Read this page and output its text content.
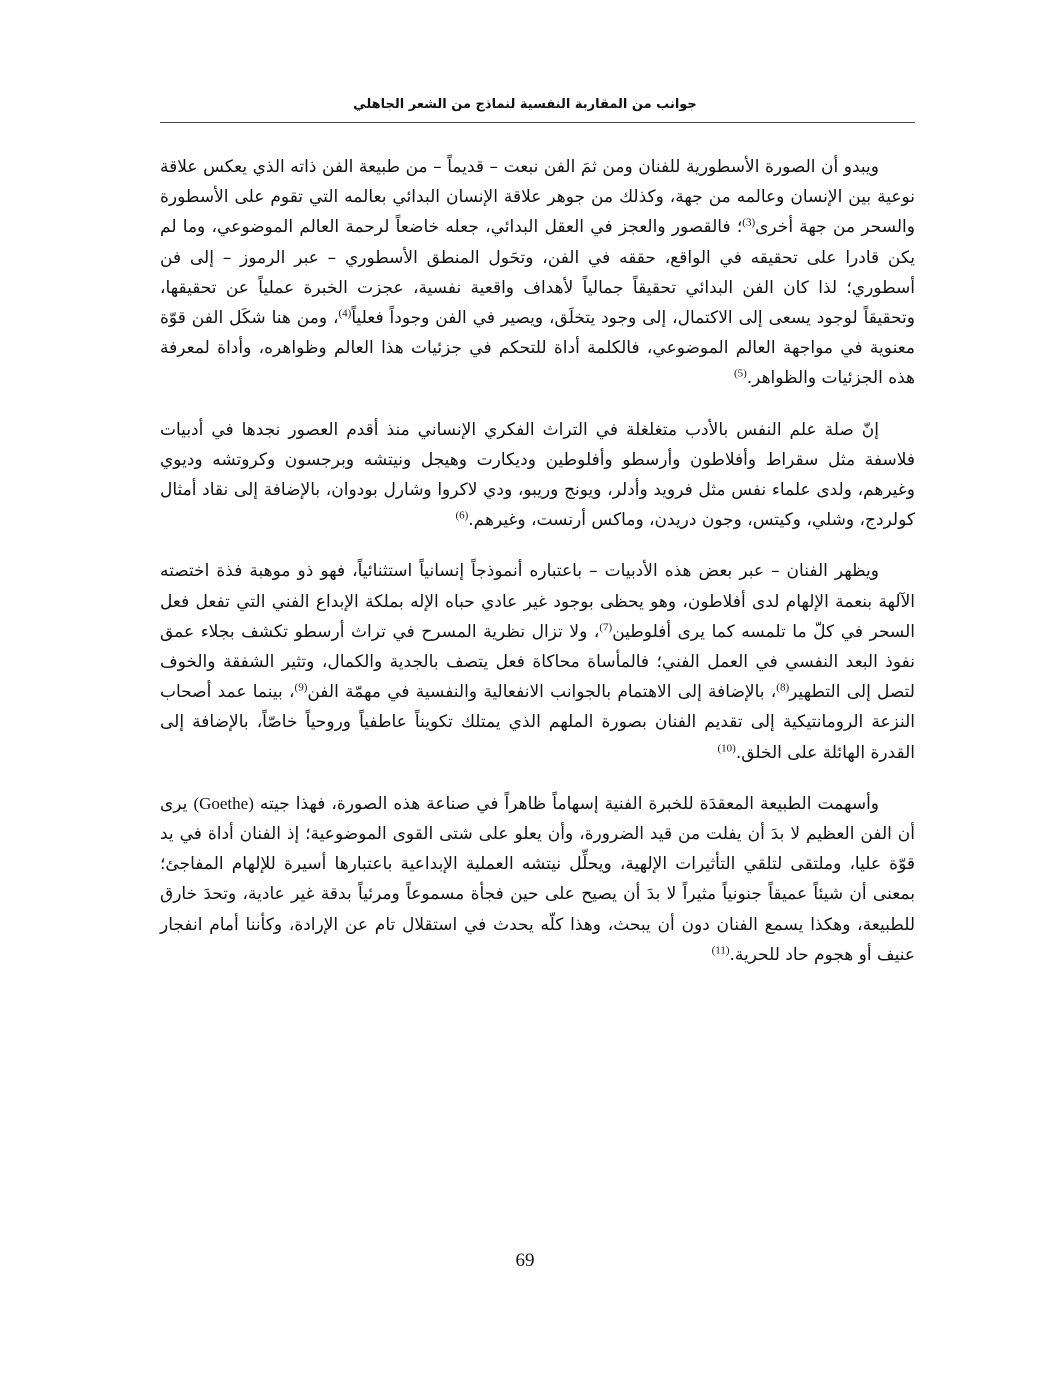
جوانب من المقاربة النفسية لنماذج من الشعر الجاهلي

ويبدو أن الصورة الأسطورية للفنان ومن ثمَ الفن نبعت – قديماً – من طبيعة الفن ذاته الذي يعكس علاقة نوعية بين الإنسان وعالمه من جهة، وكذلك من جوهر علاقة الإنسان البدائي بعالمه التي تقوم على الأسطورة والسحر من جهة أخرى$^{(3)}$؛ فالقصور والعجز في العقل البدائي، جعله خاضعاً لرحمة العالم الموضوعي، وما لم يكن قادرا على تحقيقه في الواقع، حققه في الفن، وتحَول المنطق الأسطوري – عبر الرموز – إلى فن أسطوري؛ لذا كان الفن البدائي تحقيقاً جمالياً لأهداف واقعية نفسية، عجزت الخبرة عملياً عن تحقيقها، وتحقيقاً لوجود يسعى إلى الاكتمال، إلى وجود يتخلَق، ويصير في الفن وجوداً فعلياً$^{(4)}$، ومن هنا شكَل الفن قوّة معنوية في مواجهة العالم الموضوعي، فالكلمة أداة للتحكم في جزئيات هذا العالم وظواهره، وأداة لمعرفة هذه الجزئيات والظواهر.$^{(5)}$

إنّ صلة علم النفس بالأدب متغلغلة في التراث الفكري الإنساني منذ أقدم العصور نجدها في أدبيات فلاسفة مثل سقراط وأفلاطون وأرسطو وأفلوطين وديكارت وهيجل ونيتشه وبرجسون وكروتشه وديوي وغيرهم، ولدى علماء نفس مثل فرويد وأدلر، ويونج وريبو، ودي لاكروا وشارل بودوان، بالإضافة إلى نقاد أمثال كولردج، وشلي، وكيتس، وجون دريدن، وماكس أرنست، وغيرهم.$^{(6)}$

ويظهر الفنان – عبر بعض هذه الأدبيات – باعتباره أنموذجاً إنسانياً استثنائياً، فهو ذو موهبة فذة اختصته الآلهة بنعمة الإلهام لدى أفلاطون، وهو يحظى بوجود غير عادي حباه الإله بملكة الإبداع الفني التي تفعل فعل السحر في كلّ ما تلمسه كما يرى أفلوطين$^{(7)}$، ولا تزال نظرية المسرح في تراث أرسطو تكشف بجلاء عمق نفوذ البعد النفسي في العمل الفني؛ فالمأساة محاكاة فعل يتصف بالجدية والكمال، وتثير الشفقة والخوف لتصل إلى التطهير$^{(8)}$، بالإضافة إلى الاهتمام بالجوانب الانفعالية والنفسية في مهمّة الفن$^{(9)}$، بينما عمد أصحاب النزعة الرومانتيكية إلى تقديم الفنان بصورة الملهم الذي يمتلك تكويناً عاطفياً وروحياً خاصّاً، بالإضافة إلى القدرة الهائلة على الخلق.$^{(10)}$

وأسهمت الطبيعة المعقدَة للخبرة الفنية إسهاماً ظاهراً في صناعة هذه الصورة، فهذا جيته (Goethe) يرى أن الفن العظيم لا بدَ أن يفلت من قيد الضرورة، وأن يعلو على شتى القوى الموضوعية؛ إذ الفنان أداة في يد قوّة عليا، وملتقى لتلقي التأثيرات الإلهية، ويحلِّل نيتشه العملية الإبداعية باعتبارها أسيرة للإلهام المفاجئ؛ بمعنى أن شيئاً عميقاً جنونياً مثيراً لا بدَ أن يصيح على حين فجأة مسموعاً ومرئياً بدقة غير عادية، وتحدَ خارق للطبيعة، وهكذا يسمع الفنان دون أن يبحث، وهذا كلّه يحدث في استقلال تام عن الإرادة، وكأننا أمام انفجار عنيف أو هجوم حاد للحرية.$^{(11)}$

69
